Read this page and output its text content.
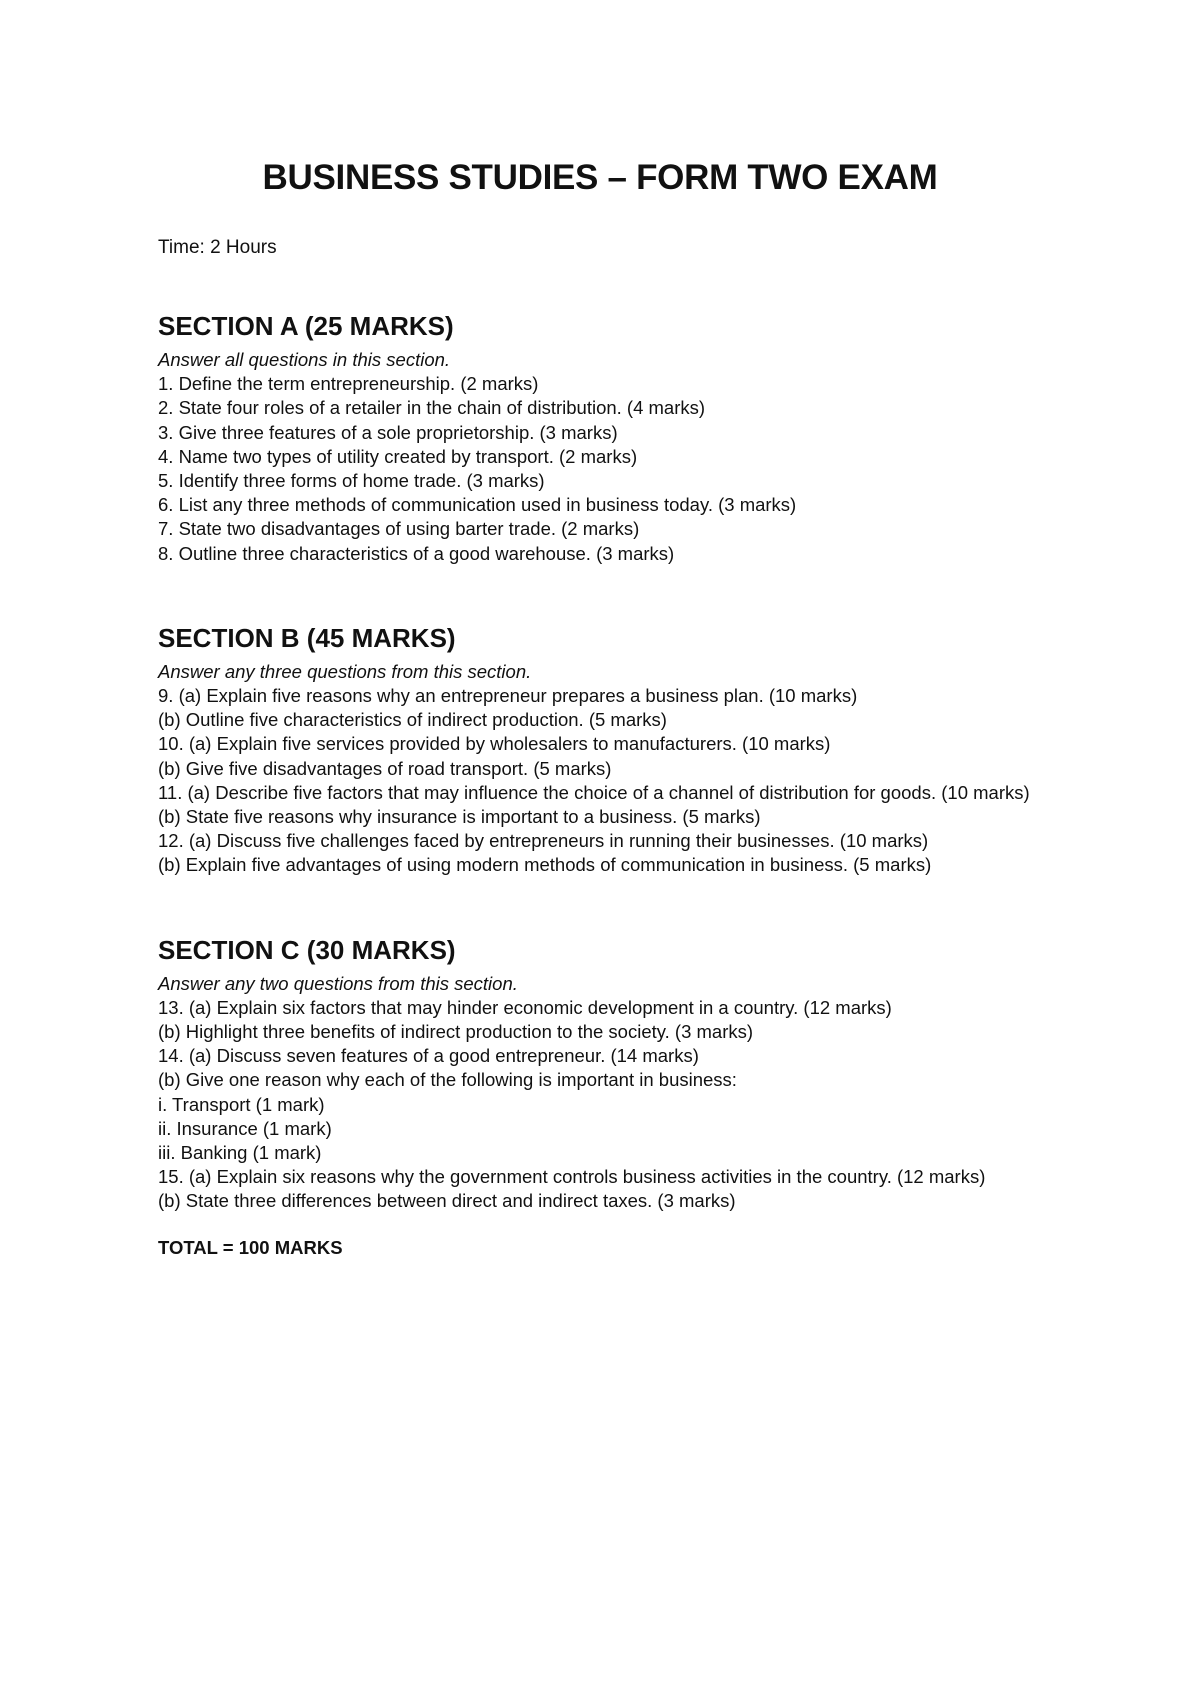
BUSINESS STUDIES – FORM TWO EXAM

Time: 2 Hours

SECTION A (25 MARKS)

Answer all questions in this section.

1. Define the term entrepreneurship. (2 marks)
2. State four roles of a retailer in the chain of distribution. (4 marks)
3. Give three features of a sole proprietorship. (3 marks)
4. Name two types of utility created by transport. (2 marks)
5. Identify three forms of home trade. (3 marks)
6. List any three methods of communication used in business today. (3 marks)
7. State two disadvantages of using barter trade. (2 marks)
8. Outline three characteristics of a good warehouse. (3 marks)
SECTION B (45 MARKS)

Answer any three questions from this section.

9. (a) Explain five reasons why an entrepreneur prepares a business plan. (10 marks)
(b) Outline five characteristics of indirect production. (5 marks)
10. (a) Explain five services provided by wholesalers to manufacturers. (10 marks)
(b) Give five disadvantages of road transport. (5 marks)
11. (a) Describe five factors that may influence the choice of a channel of distribution for goods. (10 marks)
(b) State five reasons why insurance is important to a business. (5 marks)
12. (a) Discuss five challenges faced by entrepreneurs in running their businesses. (10 marks)
(b) Explain five advantages of using modern methods of communication in business. (5 marks)
SECTION C (30 MARKS)

Answer any two questions from this section.

13. (a) Explain six factors that may hinder economic development in a country. (12 marks)
(b) Highlight three benefits of indirect production to the society. (3 marks)
14. (a) Discuss seven features of a good entrepreneur. (14 marks)
(b) Give one reason why each of the following is important in business:
i. Transport (1 mark)
ii. Insurance (1 mark)
iii. Banking (1 mark)
15. (a) Explain six reasons why the government controls business activities in the country. (12 marks)
(b) State three differences between direct and indirect taxes. (3 marks)

TOTAL = 100 MARKS
